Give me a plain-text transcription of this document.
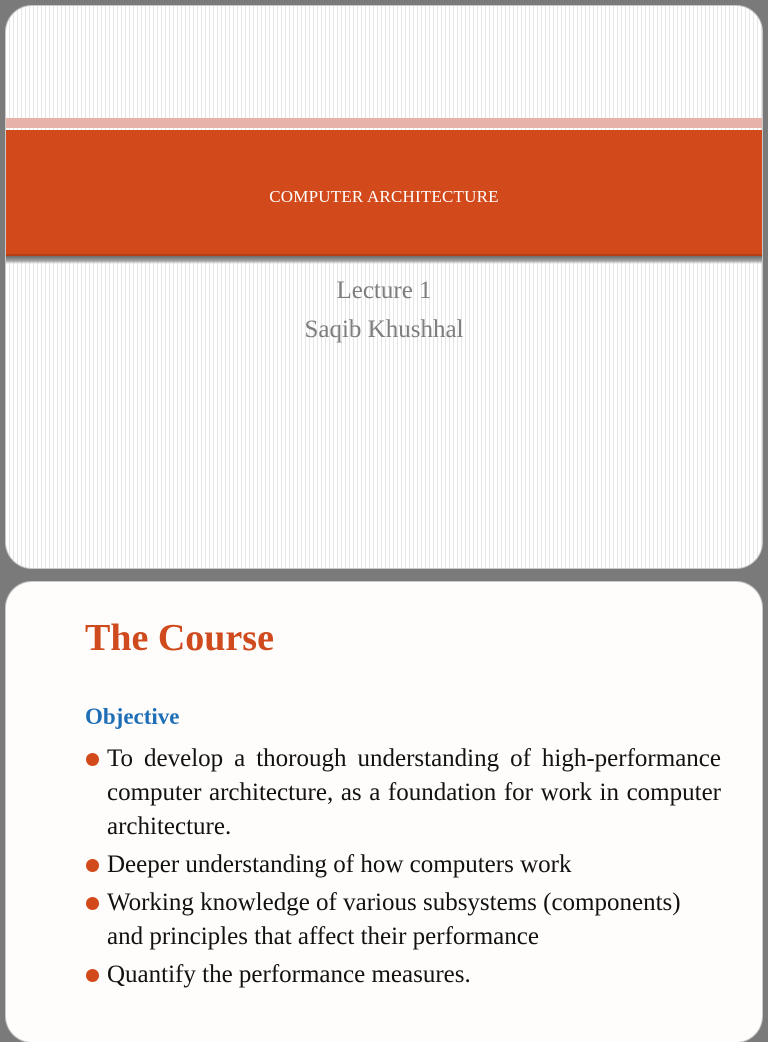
COMPUTER ARCHITECTURE
Lecture 1
Saqib Khushhal
The Course
Objective
To develop a thorough understanding of high-performance computer architecture, as a foundation for work in computer architecture.
Deeper understanding of how computers work
Working knowledge of various subsystems (components) and principles that affect their performance
Quantify the performance measures.
